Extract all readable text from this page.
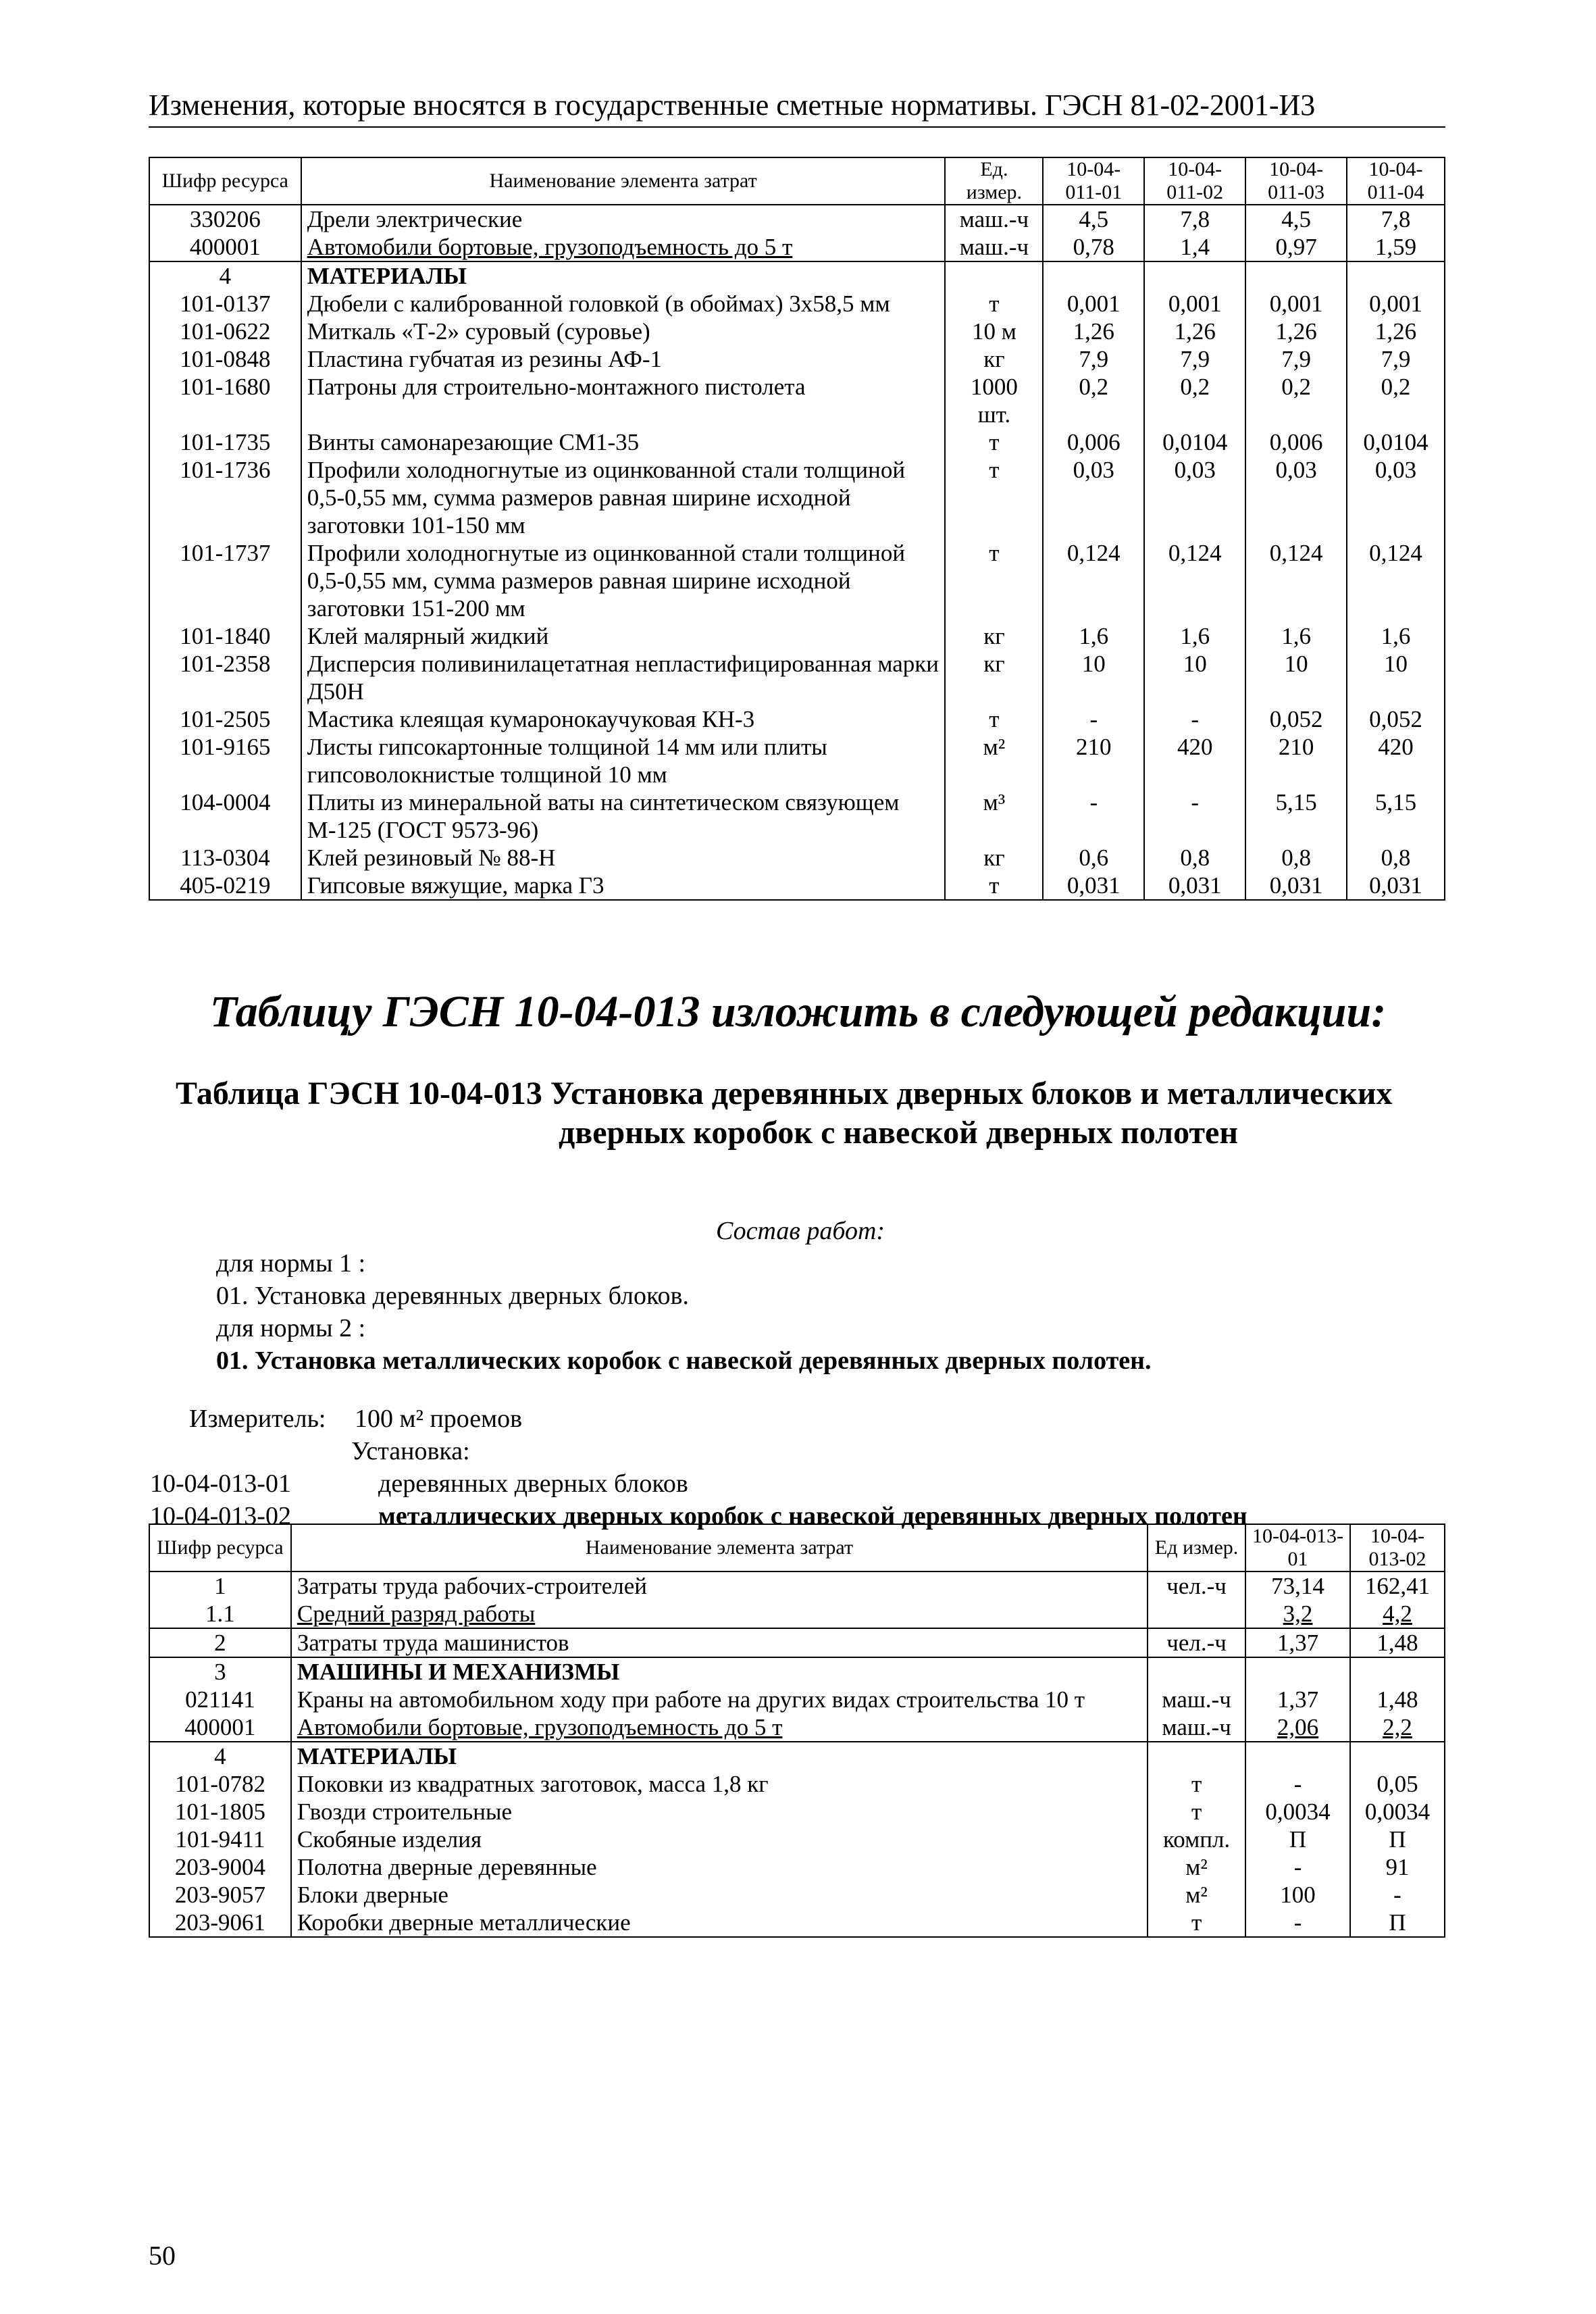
Изменения, которые вносятся в государственные сметные нормативы. ГЭСН 81-02-2001-И3
Шифр ресурса	Наименование элемента затрат	Ед. измер.	10-04-011-01	10-04-011-02	10-04-011-03	10-04-011-04
330206	Дрели электрические	маш.-ч	4,5	7,8	4,5	7,8
400001	Автомобили бортовые, грузоподъемность до 5 т	маш.-ч	0,78	1,4	0,97	1,59
4	МАТЕРИАЛЫ					
101-0137	Дюбели с калиброванной головкой (в обоймах) 3х58,5 мм	т	0,001	0,001	0,001	0,001
101-0622	Миткаль «Т-2» суровый (суровье)	10 м	1,26	1,26	1,26	1,26
101-0848	Пластина губчатая из резины АФ-1	кг	7,9	7,9	7,9	7,9
101-1680	Патроны для строительно-монтажного пистолета	1000 шт.	0,2	0,2	0,2	0,2
101-1735	Винты самонарезающие СМ1-35	т	0,006	0,0104	0,006	0,0104
101-1736	Профили холодногнутые из оцинкованной стали толщиной 0,5-0,55 мм, сумма размеров равная ширине исходной заготовки 101-150 мм	т	0,03	0,03	0,03	0,03
101-1737	Профили холодногнутые из оцинкованной стали толщиной 0,5-0,55 мм, сумма размеров равная ширине исходной заготовки 151-200 мм	т	0,124	0,124	0,124	0,124
101-1840	Клей малярный жидкий	кг	1,6	1,6	1,6	1,6
101-2358	Дисперсия поливинилацетатная непластифицированная марки Д50Н	кг	10	10	10	10
101-2505	Мастика клеящая кумаронокаучуковая КН-3	т	-	-	0,052	0,052
101-9165	Листы гипсокартонные толщиной 14 мм или плиты гипсоволокнистые толщиной 10 мм	м²	210	420	210	420
104-0004	Плиты из минеральной ваты на синтетическом связующем М-125 (ГОСТ 9573-96)	м³	-	-	5,15	5,15
113-0304	Клей резиновый № 88-Н	кг	0,6	0,8	0,8	0,8
405-0219	Гипсовые вяжущие, марка Г3	т	0,031	0,031	0,031	0,031
Таблицу ГЭСН 10-04-013 изложить в следующей редакции:
Таблица ГЭСН 10-04-013 Установка деревянных дверных блоков и металлических
дверных коробок с навеской дверных полотен
Состав работ:
для нормы 1 :
01. Установка деревянных дверных блоков.
для нормы 2 :
01. Установка металлических коробок с навеской деревянных дверных полотен.
Измеритель: 100 м² проемов
Установка:
10-04-013-01	деревянных дверных блоков
10-04-013-02	металлических дверных коробок с навеской деревянных дверных полотен
Шифр ресурса	Наименование элемента затрат	Ед измер.	10-04-013-01	10-04-013-02
1	Затраты труда рабочих-строителей	чел.-ч	73,14	162,41
1.1	Средний разряд работы		3,2	4,2
2	Затраты труда машинистов	чел.-ч	1,37	1,48
3	МАШИНЫ И МЕХАНИЗМЫ			
021141	Краны на автомобильном ходу при работе на других видах строительства 10 т	маш.-ч	1,37	1,48
400001	Автомобили бортовые, грузоподъемность до 5 т	маш.-ч	2,06	2,2
4	МАТЕРИАЛЫ			
101-0782	Поковки из квадратных заготовок, масса 1,8 кг	т	-	0,05
101-1805	Гвозди строительные	т	0,0034	0,0034
101-9411	Скобяные изделия	компл.	П	П
203-9004	Полотна дверные деревянные	м²	-	91
203-9057	Блоки дверные	м²	100	-
203-9061	Коробки дверные металлические	т	-	П
50
